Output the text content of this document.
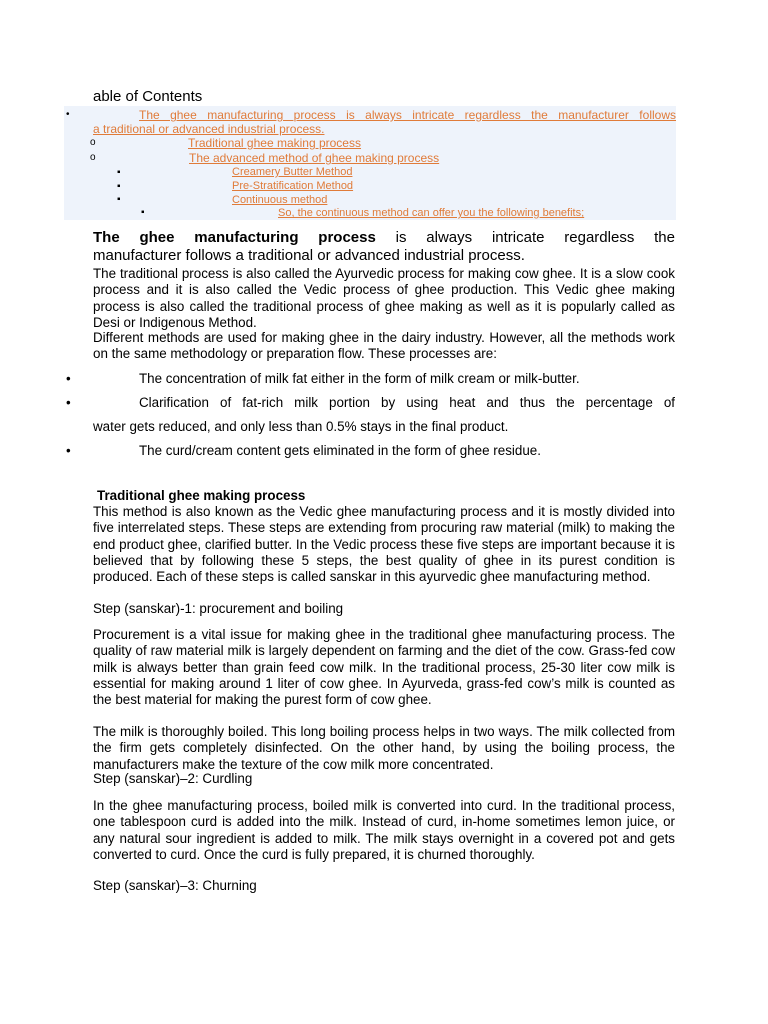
able of Contents
•	The ghee manufacturing process is always intricate regardless the manufacturer follows
a traditional or advanced industrial process.
o	Traditional ghee making process
o	The advanced method of ghee making process
▪	Creamery Butter Method
▪	Pre-Stratification Method
▪	Continuous method
▪	So, the continuous method can offer you the following benefits;
The ghee manufacturing process is always intricate regardless the
manufacturer follows a traditional or advanced industrial process.

The traditional process is also called the Ayurvedic process for making cow ghee. It is a slow cook process and it is also called the Vedic process of ghee production. This Vedic ghee making process is also called the traditional process of ghee making as well as it is popularly called as Desi or Indigenous Method.

Different methods are used for making ghee in the dairy industry. However, all the methods work on the same methodology or preparation flow. These processes are:

•	The concentration of milk fat either in the form of milk cream or milk-butter.
•	Clarification of fat-rich milk portion by using heat and thus the percentage of
water gets reduced, and only less than 0.5% stays in the final product.
•	The curd/cream content gets eliminated in the form of ghee residue.
Traditional ghee making process

This method is also known as the Vedic ghee manufacturing process and it is mostly divided into five interrelated steps. These steps are extending from procuring raw material (milk) to making the end product ghee, clarified butter. In the Vedic process these five steps are important because it is believed that by following these 5 steps, the best quality of ghee in its purest condition is produced. Each of these steps is called sanskar in this ayurvedic ghee manufacturing method.

Step (sanskar)-1: procurement and boiling

Procurement is a vital issue for making ghee in the traditional ghee manufacturing process. The quality of raw material milk is largely dependent on farming and the diet of the cow. Grass-fed cow milk is always better than grain feed cow milk. In the traditional process, 25-30 liter cow milk is essential for making around 1 liter of cow ghee. In Ayurveda, grass-fed cow’s milk is counted as the best material for making the purest form of cow ghee.

The milk is thoroughly boiled. This long boiling process helps in two ways. The milk collected from the firm gets completely disinfected. On the other hand, by using the boiling process, the manufacturers make the texture of the cow milk more concentrated.

Step (sanskar)–2: Curdling

In the ghee manufacturing process, boiled milk is converted into curd. In the traditional process, one tablespoon curd is added into the milk. Instead of curd, in-home sometimes lemon juice, or any natural sour ingredient is added to milk. The milk stays overnight in a covered pot and gets converted to curd. Once the curd is fully prepared, it is churned thoroughly.

Step (sanskar)–3: Churning
